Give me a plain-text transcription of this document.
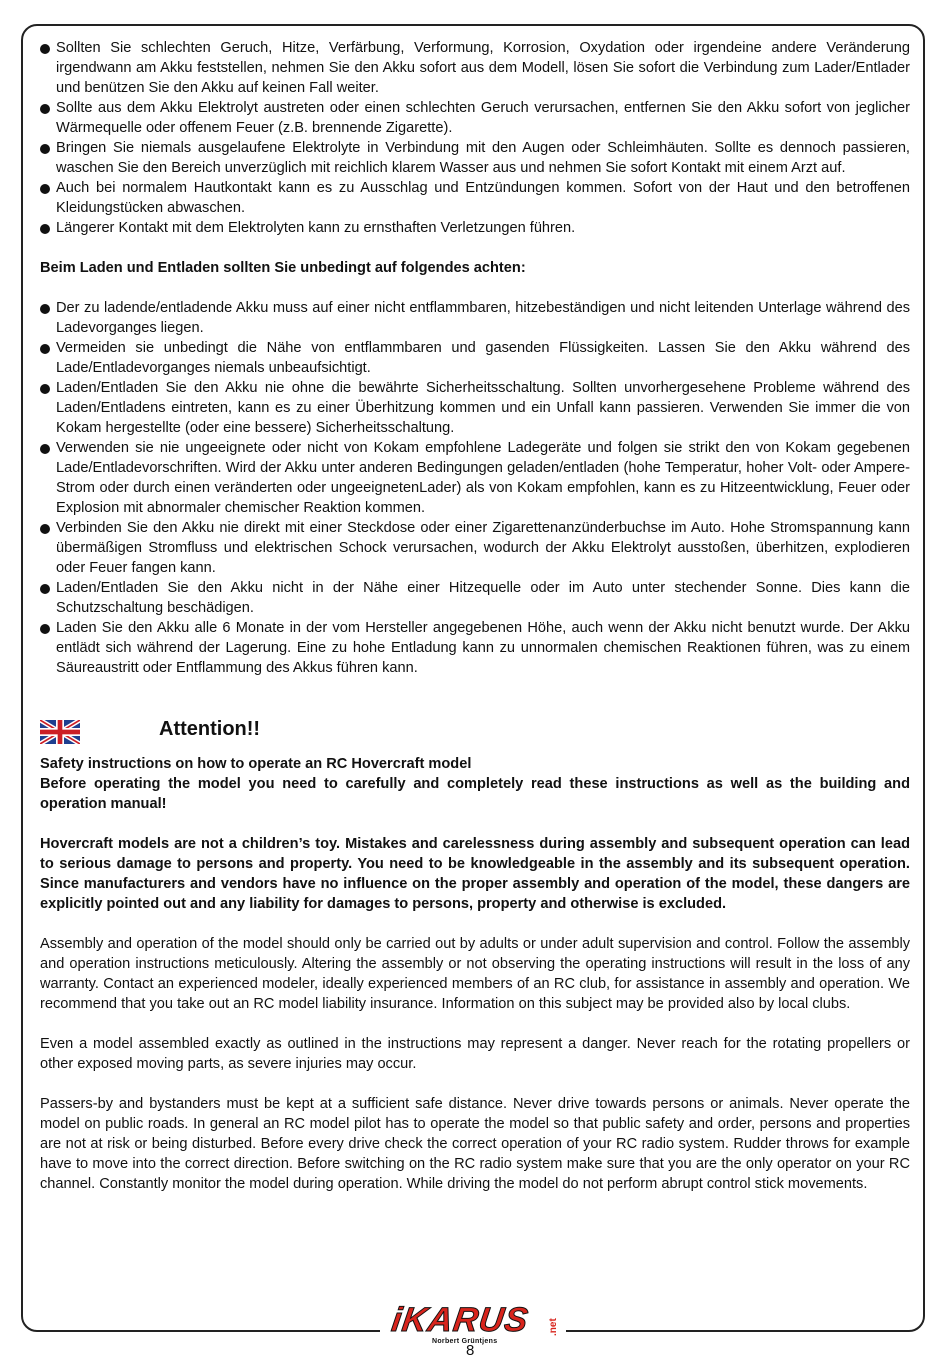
Sollten Sie schlechten Geruch, Hitze, Verfärbung, Verformung, Korrosion, Oxydation oder irgendeine andere Veränderung irgendwann am Akku feststellen, nehmen Sie den Akku sofort aus dem Modell, lösen Sie sofort die Verbindung zum Lader/Entlader und benützen Sie den Akku auf keinen Fall weiter.
Sollte aus dem Akku Elektrolyt austreten oder einen schlechten Geruch verursachen, entfernen Sie den Akku sofort von jeglicher Wärmequelle oder offenem Feuer (z.B. brennende Zigarette).
Bringen Sie niemals ausgelaufene Elektrolyte in Verbindung mit den Augen oder Schleimhäuten. Sollte es dennoch passieren, waschen Sie den Bereich unverzüglich mit reichlich klarem Wasser aus und nehmen Sie sofort Kontakt mit einem Arzt auf.
Auch bei normalem Hautkontakt kann es zu Ausschlag und Entzündungen kommen. Sofort von der Haut und den betroffenen Kleidungstücken abwaschen.
Längerer Kontakt mit dem Elektrolyten kann zu ernsthaften Verletzungen führen.
Beim Laden und Entladen sollten Sie unbedingt auf folgendes achten:
Der zu ladende/entladende Akku muss auf einer nicht entflammbaren, hitzebeständigen und nicht leitenden Unterlage während des Ladevorganges liegen.
Vermeiden sie unbedingt die Nähe von entflammbaren und gasenden Flüssigkeiten. Lassen Sie den Akku während des Lade/Entladevorganges niemals unbeaufsichtigt.
Laden/Entladen Sie den Akku nie ohne die bewährte Sicherheitsschaltung. Sollten unvorhergesehene Probleme während des Laden/Entladens eintreten, kann es zu einer Überhitzung kommen und ein Unfall kann passieren. Verwenden Sie immer die von Kokam hergestellte (oder eine bessere) Sicherheitsschaltung.
Verwenden sie nie ungeeignete oder nicht von Kokam empfohlene Ladegeräte und folgen sie strikt den von Kokam gegebenen Lade/Entladevorschriften. Wird der Akku unter anderen Bedingungen geladen/entladen (hohe Temperatur, hoher Volt- oder Ampere-Strom oder durch einen veränderten oder ungeeignetenLader) als von Kokam empfohlen, kann es zu Hitzeentwicklung, Feuer oder Explosion mit abnormaler chemischer Reaktion kommen.
Verbinden Sie den Akku nie direkt mit einer Steckdose oder einer Zigarettenanzünderbuchse im Auto. Hohe Stromspannung kann übermäßigen Stromfluss und elektrischen Schock verursachen, wodurch der Akku Elektrolyt ausstoßen, überhitzen, explodieren oder Feuer fangen kann.
Laden/Entladen Sie den Akku nicht in der Nähe einer Hitzequelle oder im Auto unter stechender Sonne. Dies kann die Schutzschaltung beschädigen.
Laden Sie den Akku alle 6 Monate in der vom Hersteller angegebenen Höhe, auch wenn der Akku nicht benutzt wurde. Der Akku entlädt sich während der Lagerung. Eine zu hohe Entladung kann zu unnormalen chemischen Reaktionen führen, was zu einem Säureaustritt oder Entflammung des Akkus führen kann.
Attention!!
Safety instructions on how to operate an RC Hovercraft model
Before operating the model you need to carefully and completely read these instructions as well as the building and operation manual!

Hovercraft models are not a children’s toy. Mistakes and carelessness during assembly and subsequent operation can lead to serious damage to persons and property. You need to be knowledgeable in the assembly and its subsequent operation. Since manufacturers and vendors have no influence on the proper assembly and operation of the model, these dangers are explicitly pointed out and any liability for damages to persons, property and otherwise is excluded.

Assembly and operation of the model should only be carried out by adults or under adult supervision and control. Follow the assembly and operation instructions meticulously. Altering the assembly or not observing the operating instructions will result in the loss of any warranty. Contact an experienced modeler, ideally experienced members of an RC club, for assistance in assembly and operation. We recommend that you take out an RC model liability insurance. Information on this subject may be provided also by local clubs.

Even a model assembled exactly as outlined in the instructions may represent a danger. Never reach for the rotating propellers or other exposed moving parts, as severe injuries may occur.

Passers-by and bystanders must be kept at a sufficient safe distance. Never drive towards persons or animals. Never operate the model on public roads. In general an RC model pilot has to operate the model so that public safety and order, persons and properties are not at risk or being disturbed. Before every drive check the correct operation of your RC radio system. Rudder throws for example have to move into the correct direction. Before switching on the RC radio system make sure that you are the only operator on your RC channel. Constantly monitor the model during operation. While driving the model do not perform abrupt control stick movements.

iKARUS .net
Norbert Grüntjens
8
